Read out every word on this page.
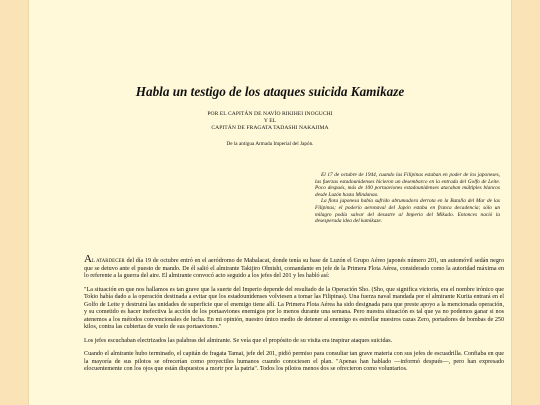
Habla un testigo de los ataques suicida Kamikaze
POR EL CAPITÁN DE NAVÍO RIKIHEI INOGUCHI
Y EL
CAPITÁN DE FRAGATA TADASHI NAKAJIMA
De la antigua Armada Imperial del Japón.

El 17 de octubre de 1944, cuando las Filipinas estaban en poder de los japoneses, las fuerzas estadounidenses hicieron un desembarco en la entrada del Golfo de Leite. Poco después, más de 100 portaaviones estadounidenses atacaban múltiples blancos desde Luzón hasta Mindanao.

La flota japonesa había sufrido abrumadora derrota en la Batalla del Mar de las Filipinas; el poderío aeronaval del Japón estaba en franca decadencia; sólo un milagro podía salvar del desastre al Imperio del Mikado. Entonces nació la desesperada idea del kamikaze.

AL ATARDECER del día 19 de octubre entró en el aeródromo de Mabalacat, donde tenía su base de Luzón el Grupo Aéreo japonés número 201, un automóvil sedán negro que se detuvo ante el puesto de mando. De él salió el almirante Takijiro Ohnishi, comandante en jefe de la Primera Flota Aérea, considerado como la autoridad máxima en lo referente a la guerra del aire. El almirante convocó acto seguido a los jefes del 201 y les habló así:

"La situación en que nos hallamos es tan grave que la suerte del Imperio depende del resultado de la Operación Sho. (Sho, que significa victoria, era el nombre irónico que Tokio había dado a la operación destinada a evitar que los estadounidenses volviesen a tomar las Filipinas). Una fuerza naval mandada por el almirante Kurita entrará en el Golfo de Leite y destruirá las unidades de superficie que el enemigo tiene allí. La Primera Flota Aérea ha sido designada para que preste apoyo a la mencionada operación, y su cometido es hacer inefectiva la acción de los portaaviones enemigos por lo menos durante una semana. Pero nuestra situación es tal que ya no podemos ganar si nos atenemos a los métodos convencionales de lucha. En mi opinión, nuestro único medio de detener al enemigo es estrellar nuestros cazas Zero, portadores de bombas de 250 kilos, contra las cubiertas de vuelo de sus portaaviones."

Los jefes escuchaban electrizados las palabras del almirante. Se veía que el propósito de su visita era inspirar ataques suicidas.

Cuando el almirante hubo terminado, el capitán de fragata Tamai, jefe del 201, pidió permiso para consultar tan grave materia con sus jefes de escuadrilla. Confiaba en que la mayoría de sus pilotos se ofrecerían como proyectiles humanos cuando conociesen el plan. "Apenas han hablado —informó después—, pero han expresado elocuentemente con los ojos que están dispuestos a morir por la patria". Todos los pilotos menos dos se ofrecieron como voluntarios.
